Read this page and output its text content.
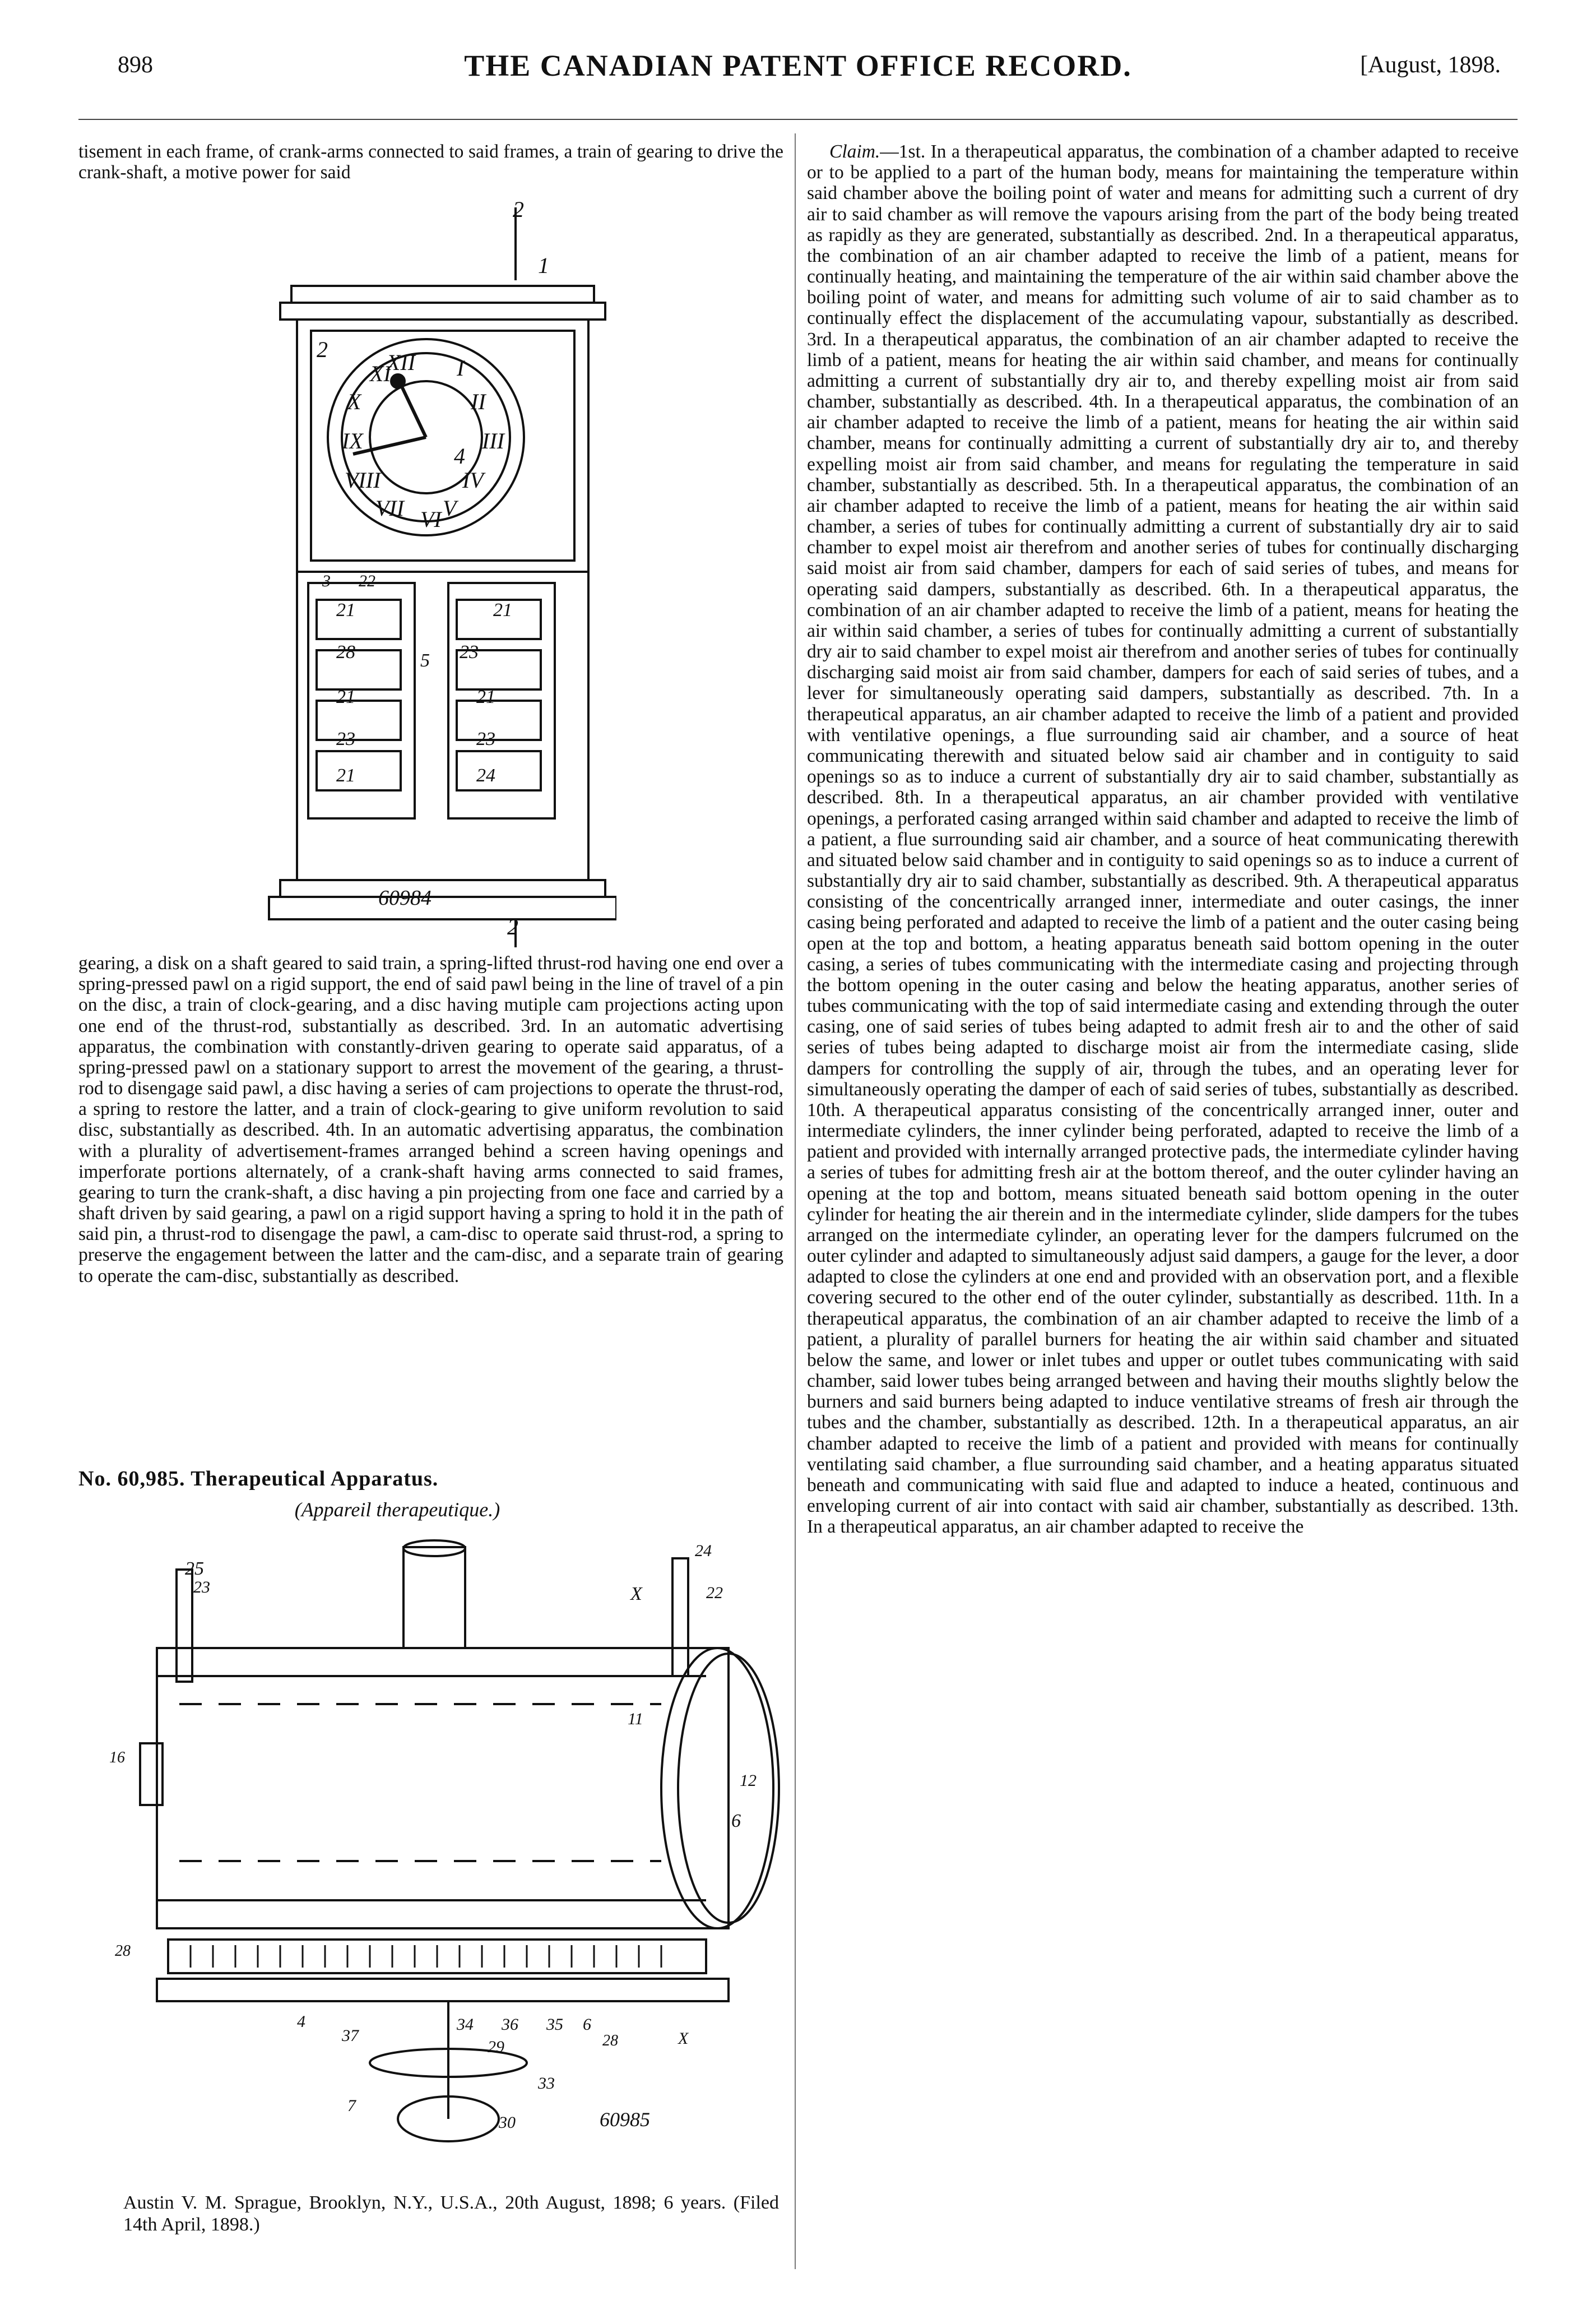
898	THE CANADIAN PATENT OFFICE RECORD.	[August, 1898.

tisement in each frame, of crank-arms connected to said frames, a train of gearing to drive the crank-shaft, a motive power for said

XII
III
VI
IX
I
II
IV
V
VII
VIII
X
XI
2
1
2
4
3 22
21	21
28	23
5
21	21
23	23
21	24
2
60984

gearing, a disk on a shaft geared to said train, a spring-lifted thrust-rod having one end over a spring-pressed pawl on a rigid support, the end of said pawl being in the line of travel of a pin on the disc, a train of clock-gearing, and a disc having mutiple cam projections acting upon one end of the thrust-rod, substantially as described. 3rd. In an automatic advertising apparatus, the combination with constantly-driven gearing to operate said apparatus, of a spring-pressed pawl on a stationary support to arrest the movement of the gearing, a thrust-rod to disengage said pawl, a disc having a series of cam projections to operate the thrust-rod, a spring to restore the latter, and a train of clock-gearing to give uniform revolution to said disc, substantially as described. 4th. In an automatic advertising apparatus, the combination with a plurality of advertisement-frames arranged behind a screen having openings and imperforate portions alternately, of a crank-shaft having arms connected to said frames, gearing to turn the crank-shaft, a disc having a pin projecting from one face and carried by a shaft driven by said gearing, a pawl on a rigid support having a spring to hold it in the path of said pin, a thrust-rod to disengage the pawl, a cam-disc to operate said thrust-rod, a spring to preserve the engagement between the latter and the cam-disc, and a separate train of gearing to operate the cam-disc, substantially as described.

No. 60,985. Therapeutical Apparatus.
(Appareil therapeutique.)
25
23
24
22
X
11
16
12
6
28
4
37
34 36 35 6
28	X
29
33
7
30	60985
Austin V. M. Sprague, Brooklyn, N.Y., U.S.A., 20th August, 1898; 6 years. (Filed 14th April, 1898.)

Claim.—1st. In a therapeutical apparatus, the combination of a chamber adapted to receive or to be applied to a part of the human body, means for maintaining the temperature within said chamber above the boiling point of water and means for admitting such a current of dry air to said chamber as will remove the vapours arising from the part of the body being treated as rapidly as they are generated, substantially as described. 2nd. In a therapeutical apparatus, the combination of an air chamber adapted to receive the limb of a patient, means for continually heating, and maintaining the temperature of the air within said chamber above the boiling point of water, and means for admitting such volume of air to said chamber as to continually effect the displacement of the accumulating vapour, substantially as described. 3rd. In a therapeutical apparatus, the combination of an air chamber adapted to receive the limb of a patient, means for heating the air within said chamber, and means for continually admitting a current of substantially dry air to, and thereby expelling moist air from said chamber, substantially as described. 4th. In a therapeutical apparatus, the combination of an air chamber adapted to receive the limb of a patient, means for heating the air within said chamber, means for continually admitting a current of substantially dry air to, and thereby expelling moist air from said chamber, and means for regulating the temperature in said chamber, substantially as described. 5th. In a therapeutical apparatus, the combination of an air chamber adapted to receive the limb of a patient, means for heating the air within said chamber, a series of tubes for continually admitting a current of substantially dry air to said chamber to expel moist air therefrom and another series of tubes for continually discharging said moist air from said chamber, dampers for each of said series of tubes, and means for operating said dampers, substantially as described. 6th. In a therapeutical apparatus, the combination of an air chamber adapted to receive the limb of a patient, means for heating the air within said chamber, a series of tubes for continually admitting a current of substantially dry air to said chamber to expel moist air therefrom and another series of tubes for continually discharging said moist air from said chamber, dampers for each of said series of tubes, and a lever for simultaneously operating said dampers, substantially as described. 7th. In a therapeutical apparatus, an air chamber adapted to receive the limb of a patient and provided with ventilative openings, a flue surrounding said air chamber, and a source of heat communicating therewith and situated below said air chamber and in contiguity to said openings so as to induce a current of substantially dry air to said chamber, substantially as described. 8th. In a therapeutical apparatus, an air chamber provided with ventilative openings, a perforated casing arranged within said chamber and adapted to receive the limb of a patient, a flue surrounding said air chamber, and a source of heat communicating therewith and situated below said chamber and in contiguity to said openings so as to induce a current of substantially dry air to said chamber, substantially as described. 9th. A therapeutical apparatus consisting of the concentrically arranged inner, intermediate and outer casings, the inner casing being perforated and adapted to receive the limb of a patient and the outer casing being open at the top and bottom, a heating apparatus beneath said bottom opening in the outer casing, a series of tubes communicating with the intermediate casing and projecting through the bottom opening in the outer casing and below the heating apparatus, another series of tubes communicating with the top of said intermediate casing and extending through the outer casing, one of said series of tubes being adapted to admit fresh air to and the other of said series of tubes being adapted to discharge moist air from the intermediate casing, slide dampers for controlling the supply of air, through the tubes, and an operating lever for simultaneously operating the damper of each of said series of tubes, substantially as described. 10th. A therapeutical apparatus consisting of the concentrically arranged inner, outer and intermediate cylinders, the inner cylinder being perforated, adapted to receive the limb of a patient and provided with internally arranged protective pads, the intermediate cylinder having a series of tubes for admitting fresh air at the bottom thereof, and the outer cylinder having an opening at the top and bottom, means situated beneath said bottom opening in the outer cylinder for heating the air therein and in the intermediate cylinder, slide dampers for the tubes arranged on the intermediate cylinder, an operating lever for the dampers fulcrumed on the outer cylinder and adapted to simultaneously adjust said dampers, a gauge for the lever, a door adapted to close the cylinders at one end and provided with an observation port, and a flexible covering secured to the other end of the outer cylinder, substantially as described. 11th. In a therapeutical apparatus, the combination of an air chamber adapted to receive the limb of a patient, a plurality of parallel burners for heating the air within said chamber and situated below the same, and lower or inlet tubes and upper or outlet tubes communicating with said chamber, said lower tubes being arranged between and having their mouths slightly below the burners and said burners being adapted to induce ventilative streams of fresh air through the tubes and the chamber, substantially as described. 12th. In a therapeutical apparatus, an air chamber adapted to receive the limb of a patient and provided with means for continually ventilating said chamber, a flue surrounding said chamber, and a heating apparatus situated beneath and communicating with said flue and adapted to induce a heated, continuous and enveloping current of air into contact with said air chamber, substantially as described. 13th. In a therapeutical apparatus, an air chamber adapted to receive the
